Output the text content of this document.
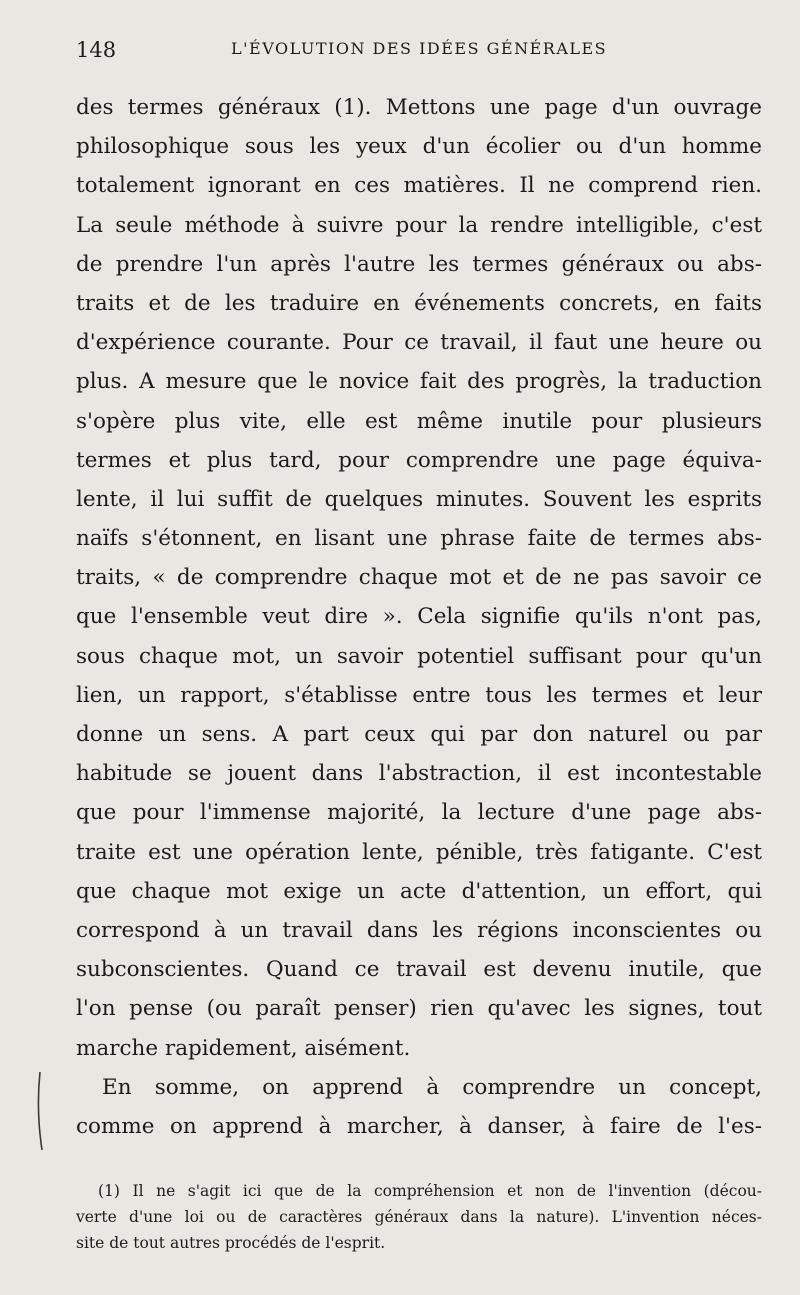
148	L'ÉVOLUTION DES IDÉES GÉNÉRALES
des termes généraux (1). Mettons une page d'un ouvrage
philosophique sous les yeux d'un écolier ou d'un homme
totalement ignorant en ces matières. Il ne comprend rien.
La seule méthode à suivre pour la rendre intelligible, c'est
de prendre l'un après l'autre les termes généraux ou abs-
traits et de les traduire en événements concrets, en faits
d'expérience courante. Pour ce travail, il faut une heure ou
plus. A mesure que le novice fait des progrès, la traduction
s'opère plus vite, elle est même inutile pour plusieurs
termes et plus tard, pour comprendre une page équiva-
lente, il lui suffit de quelques minutes. Souvent les esprits
naïfs s'étonnent, en lisant une phrase faite de termes abs-
traits, « de comprendre chaque mot et de ne pas savoir ce
que l'ensemble veut dire ». Cela signifie qu'ils n'ont pas,
sous chaque mot, un savoir potentiel suffisant pour qu'un
lien, un rapport, s'établisse entre tous les termes et leur
donne un sens. A part ceux qui par don naturel ou par
habitude se jouent dans l'abstraction, il est incontestable
que pour l'immense majorité, la lecture d'une page abs-
traite est une opération lente, pénible, très fatigante. C'est
que chaque mot exige un acte d'attention, un effort, qui
correspond à un travail dans les régions inconscientes ou
subconscientes. Quand ce travail est devenu inutile, que
l'on pense (ou paraît penser) rien qu'avec les signes, tout
marche rapidement, aisément.
En somme, on apprend à comprendre un concept,
comme on apprend à marcher, à danser, à faire de l'es-
(1) Il ne s'agit ici que de la compréhension et non de l'invention (décou-
verte d'une loi ou de caractères généraux dans la nature). L'invention néces-
site de tout autres procédés de l'esprit.
